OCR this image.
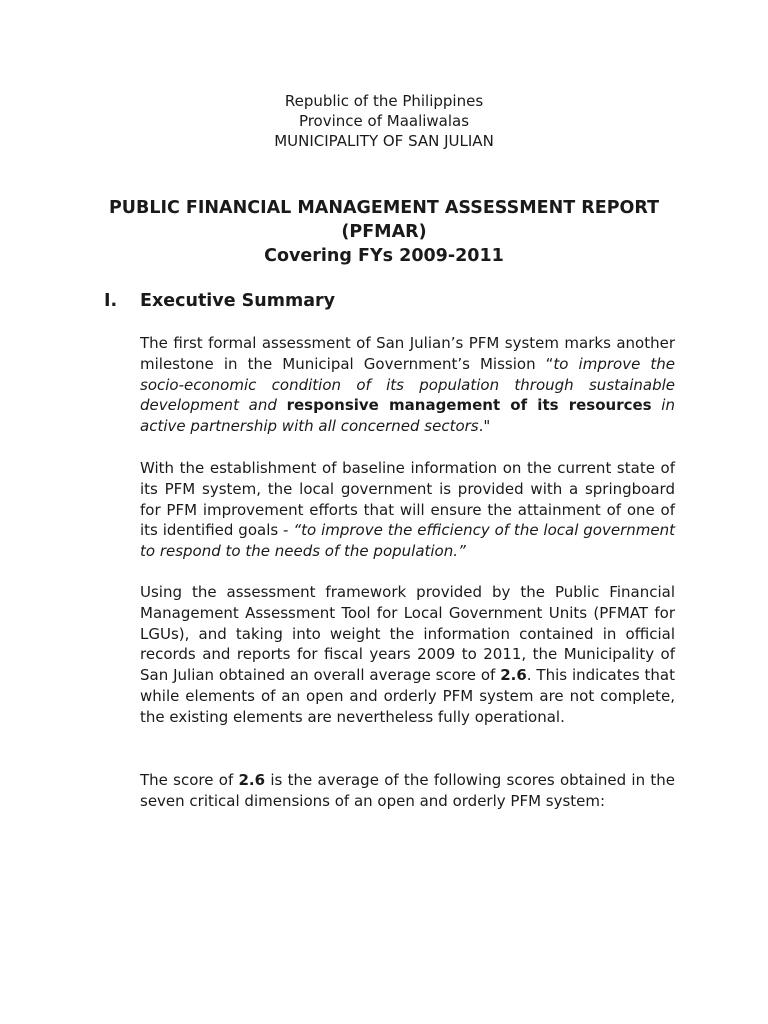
Republic of the Philippines
Province of Maaliwalas
MUNICIPALITY OF SAN JULIAN
PUBLIC FINANCIAL MANAGEMENT ASSESSMENT REPORT
(PFMAR)
Covering FYs 2009-2011
I. Executive Summary

The first formal assessment of San Julian’s PFM system marks another milestone in the Municipal Government’s Mission “to improve the socio-economic condition of its population through sustainable development and responsive management of its resources in active partnership with all concerned sectors."

With the establishment of baseline information on the current state of its PFM system, the local government is provided with a springboard for PFM improvement efforts that will ensure the attainment of one of its identified goals - “to improve the efficiency of the local government to respond to the needs of the population.”

Using the assessment framework provided by the Public Financial Management Assessment Tool for Local Government Units (PFMAT for LGUs), and taking into weight the information contained in official records and reports for fiscal years 2009 to 2011, the Municipality of San Julian obtained an overall average score of 2.6. This indicates that while elements of an open and orderly PFM system are not complete, the existing elements are nevertheless fully operational.

The score of 2.6 is the average of the following scores obtained in the seven critical dimensions of an open and orderly PFM system:
